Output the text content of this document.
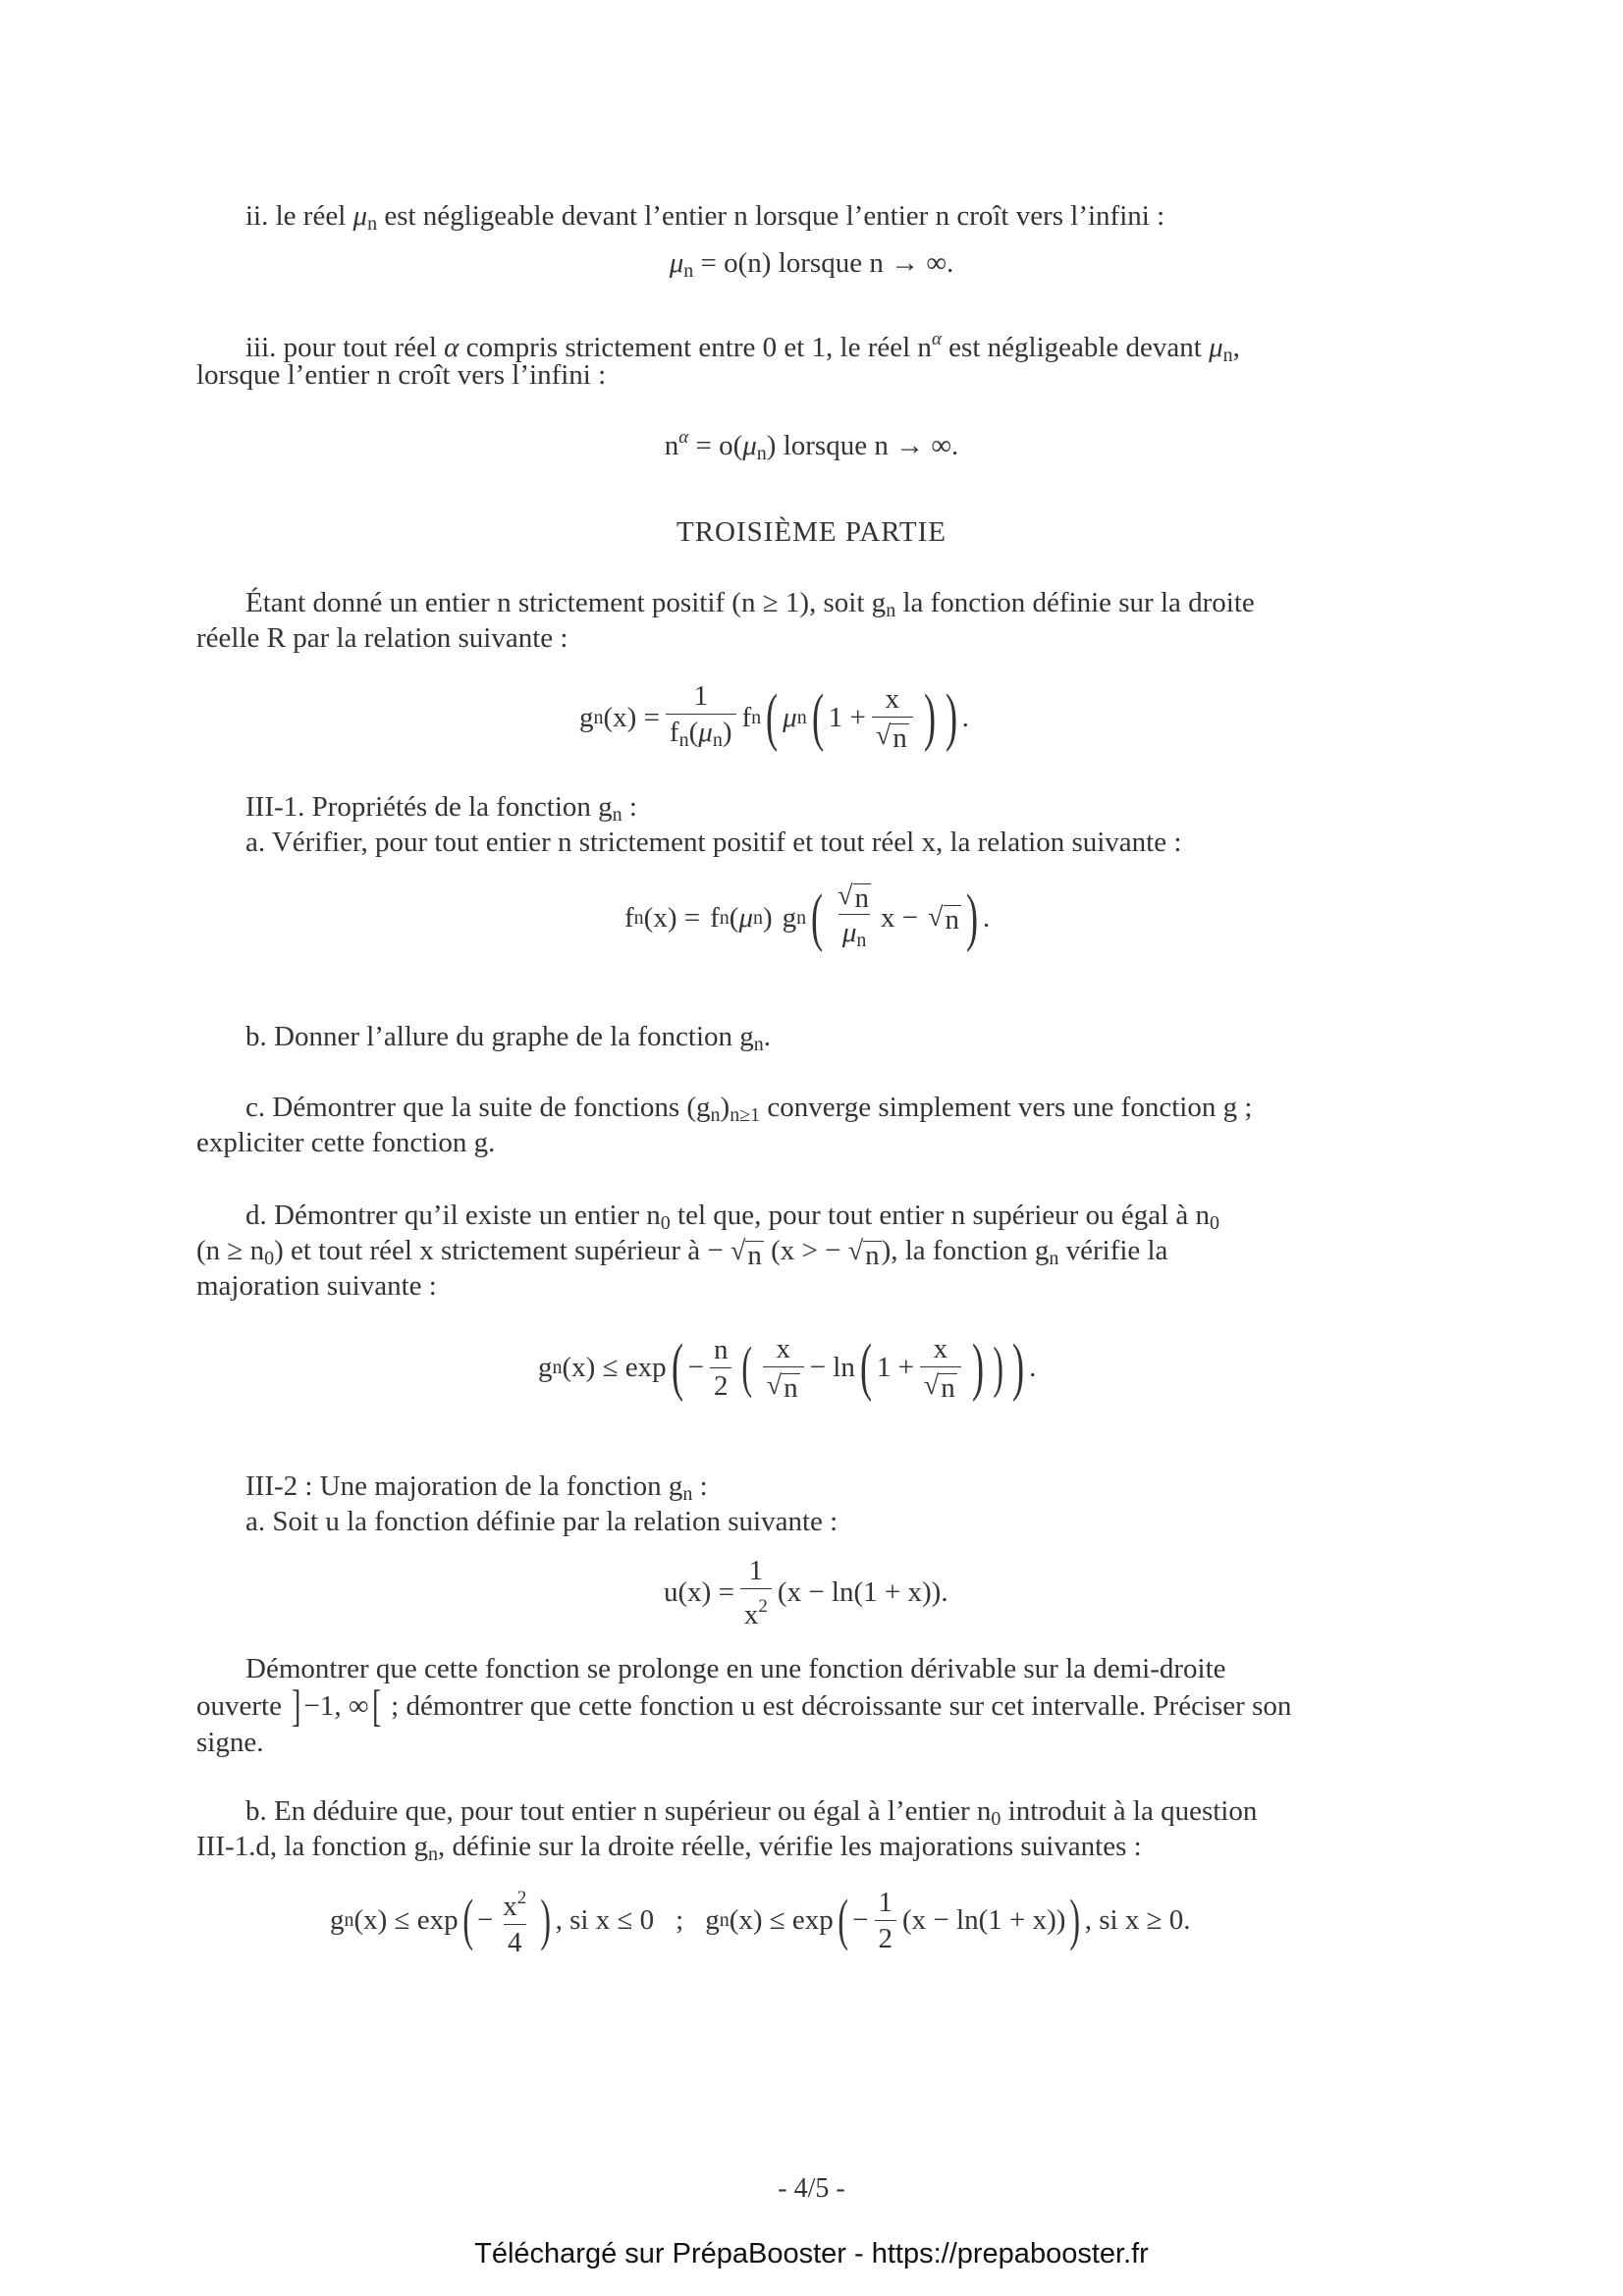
ii. le réel $\mu_n$ est négligeable devant l’entier n lorsque l’entier n croît vers l’infini :
$\mu_n = o(n)$ lorsque n → ∞.
iii. pour tout réel α compris strictement entre 0 et 1, le réel $n^\alpha$ est négligeable devant $\mu_n$,
lorsque l’entier n croît vers l’infini :
$n^\alpha = o(\mu_n)$ lorsque n → ∞.
TROISIÈME PARTIE
Étant donné un entier n strictement positif (n ≥ 1), soit $g_n$ la fonction définie sur la droite
réelle R par la relation suivante :
g n $(x) = \frac{1}{f_n(\mu_n)}$ f n ( μ n ( $1 + \frac{x}{√ n}$ ) ) .
III-1. Propriétés de la fonction $g_n$ :
a. Vérifier, pour tout entier n strictement positif et tout réel x, la relation suivante :
f n (x) = f n ( μ n ) g n ( $\frac{√ n}{\mu_n}$ x − √ n ) .
b. Donner l’allure du graphe de la fonction $g_n$.
c. Démontrer que la suite de fonctions $(g_n)_{n\ge 1}$ converge simplement vers une fonction g ;
expliciter cette fonction g.
d. Démontrer qu’il existe un entier $n_0$ tel que, pour tout entier n supérieur ou égal à $n_0$
$(n \ge n_0)$ et tout réel x strictement supérieur à − √ n (x > − √ n ), la fonction $g_n$ vérifie la
majoration suivante :
g n (x) ≤ exp ( − $\frac{n}{2}$ ( $\frac{x}{√ n} - \ln$ ( $1 + \frac{x}{√ n}$ ) ) ) .
III-2 : Une majoration de la fonction $g_n$ :
a. Soit u la fonction définie par la relation suivante :
$u(x) = \frac{1}{x^2} (x - \ln(1 + x))$.
Démontrer que cette fonction se prolonge en une fonction dérivable sur la demi-droite
ouverte ] −1, ∞[ ; démontrer que cette fonction u est décroissante sur cet intervalle. Préciser son
signe.
b. En déduire que, pour tout entier n supérieur ou égal à l’entier $n_0$ introduit à la question
III-1.d, la fonction $g_n$, définie sur la droite réelle, vérifie les majorations suivantes :
g n (x) ≤ exp ( − $\frac{x^2}{4}$ ) , si x ≤ 0 ; g n (x) ≤ exp ( − $\frac{1}{2} (x - \ln(1 + x))$ ) , si x ≥ 0.
- 4/5 -
Téléchargé sur PrépaBooster - https://prepabooster.fr
